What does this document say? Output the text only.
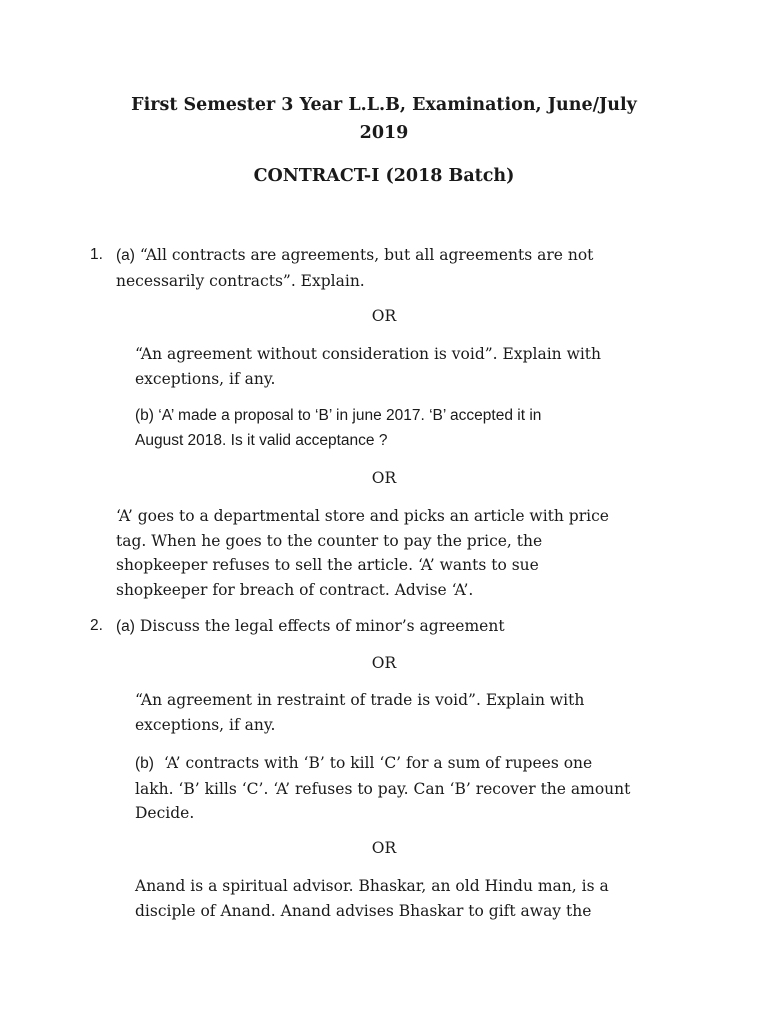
First Semester 3 Year L.L.B, Examination, June/July
2019
CONTRACT-I (2018 Batch)
1. (a) “All contracts are agreements, but all agreements are not
necessarily contracts”. Explain.
OR
“An agreement without consideration is void”. Explain with
exceptions, if any.
(b) ‘A’ made a proposal to ‘B’ in june 2017. ‘B’ accepted it in
August 2018. Is it valid acceptance ?
OR
‘A’ goes to a departmental store and picks an article with price
tag. When he goes to the counter to pay the price, the
shopkeeper refuses to sell the article. ‘A’ wants to sue
shopkeeper for breach of contract. Advise ‘A’.
2. (a) Discuss the legal effects of minor’s agreement
OR
“An agreement in restraint of trade is void”. Explain with
exceptions, if any.
(b) ‘A’ contracts with ‘B’ to kill ‘C’ for a sum of rupees one
lakh. ‘B’ kills ‘C’. ‘A’ refuses to pay. Can ‘B’ recover the amount
Decide.
OR
Anand is a spiritual advisor. Bhaskar, an old Hindu man, is a
disciple of Anand. Anand advises Bhaskar to gift away the
